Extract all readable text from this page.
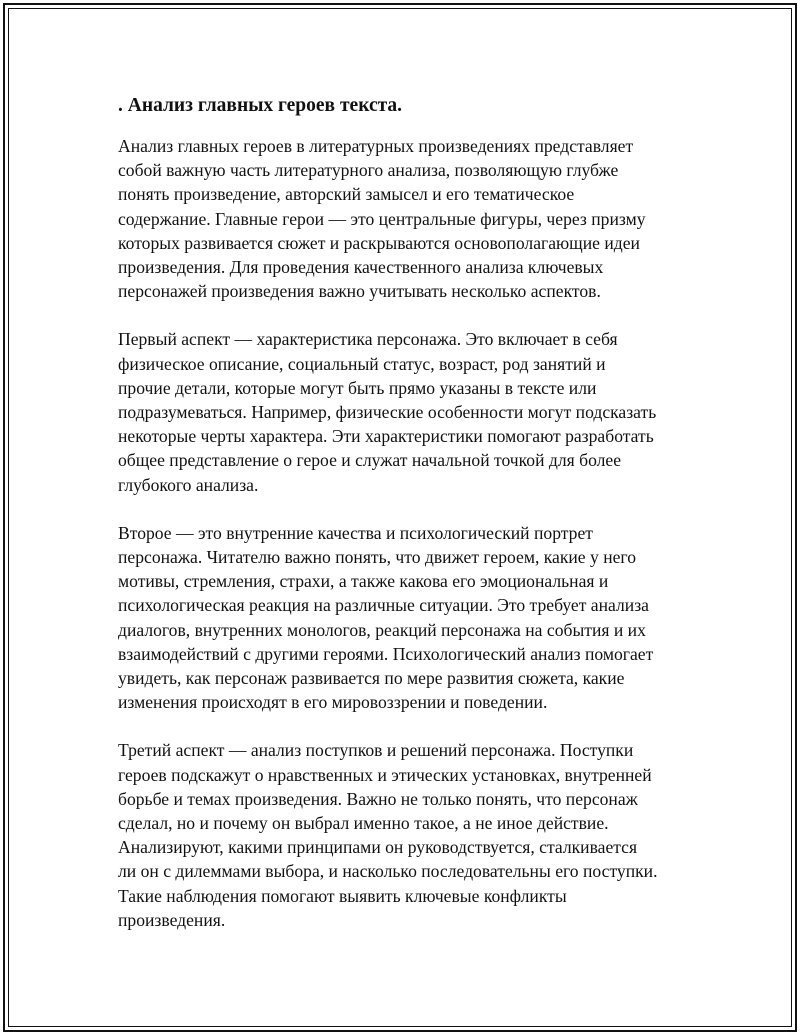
. Анализ главных героев текста.
Анализ главных героев в литературных произведениях представляет
собой важную часть литературного анализа, позволяющую глубже
понять произведение, авторский замысел и его тематическое
содержание. Главные герои — это центральные фигуры, через призму
которых развивается сюжет и раскрываются основополагающие идеи
произведения. Для проведения качественного анализа ключевых
персонажей произведения важно учитывать несколько аспектов.
Первый аспект — характеристика персонажа. Это включает в себя
физическое описание, социальный статус, возраст, род занятий и
прочие детали, которые могут быть прямо указаны в тексте или
подразумеваться. Например, физические особенности могут подсказать
некоторые черты характера. Эти характеристики помогают разработать
общее представление о герое и служат начальной точкой для более
глубокого анализа.
Второе — это внутренние качества и психологический портрет
персонажа. Читателю важно понять, что движет героем, какие у него
мотивы, стремления, страхи, а также какова его эмоциональная и
психологическая реакция на различные ситуации. Это требует анализа
диалогов, внутренних монологов, реакций персонажа на события и их
взаимодействий с другими героями. Психологический анализ помогает
увидеть, как персонаж развивается по мере развития сюжета, какие
изменения происходят в его мировоззрении и поведении.
Третий аспект — анализ поступков и решений персонажа. Поступки
героев подскажут о нравственных и этических установках, внутренней
борьбе и темах произведения. Важно не только понять, что персонаж
сделал, но и почему он выбрал именно такое, а не иное действие.
Анализируют, какими принципами он руководствуется, сталкивается
ли он с дилеммами выбора, и насколько последовательны его поступки.
Такие наблюдения помогают выявить ключевые конфликты
произведения.
